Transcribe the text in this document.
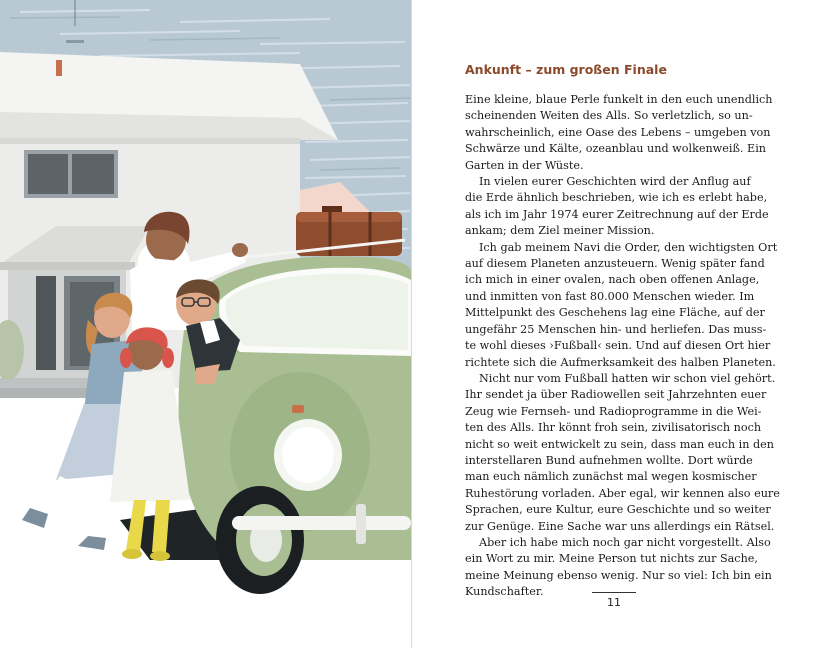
Ankunft – zum großen Finale

Eine kleine, blaue Perle funkelt in den euch unendlich
scheinenden Weiten des Alls. So verletzlich, so un-
wahrscheinlich, eine Oase des Lebens – umgeben von
Schwärze und Kälte, ozeanblau und wolkenweiß. Ein
Garten in der Wüste.

In vielen eurer Geschichten wird der Anflug auf
die Erde ähnlich beschrieben, wie ich es erlebt habe,
als ich im Jahr 1974 eurer Zeitrechnung auf der Erde
ankam; dem Ziel meiner Mission.

Ich gab meinem Navi die Order, den wichtigsten Ort
auf diesem Planeten anzusteuern. Wenig später fand
ich mich in einer ovalen, nach oben offenen Anlage,
und inmitten von fast 80.000 Menschen wieder. Im
Mittelpunkt des Geschehens lag eine Fläche, auf der
ungefähr 25 Menschen hin- und herliefen. Das muss-
te wohl dieses ›Fußball‹ sein. Und auf diesen Ort hier
richtete sich die Aufmerksamkeit des halben Planeten.

Nicht nur vom Fußball hatten wir schon viel gehört.
Ihr sendet ja über Radiowellen seit Jahrzehnten euer
Zeug wie Fernseh- und Radioprogramme in die Wei-
ten des Alls. Ihr könnt froh sein, zivilisatorisch noch
nicht so weit entwickelt zu sein, dass man euch in den
interstellaren Bund aufnehmen wollte. Dort würde
man euch nämlich zunächst mal wegen kosmischer
Ruhestörung vorladen. Aber egal, wir kennen also eure
Sprachen, eure Kultur, eure Geschichte und so weiter
zur Genüge. Eine Sache war uns allerdings ein Rätsel.

Aber ich habe mich noch gar nicht vorgestellt. Also
ein Wort zu mir. Meine Person tut nichts zur Sache,
meine Meinung ebenso wenig. Nur so viel: Ich bin ein
Kundschafter.

11
